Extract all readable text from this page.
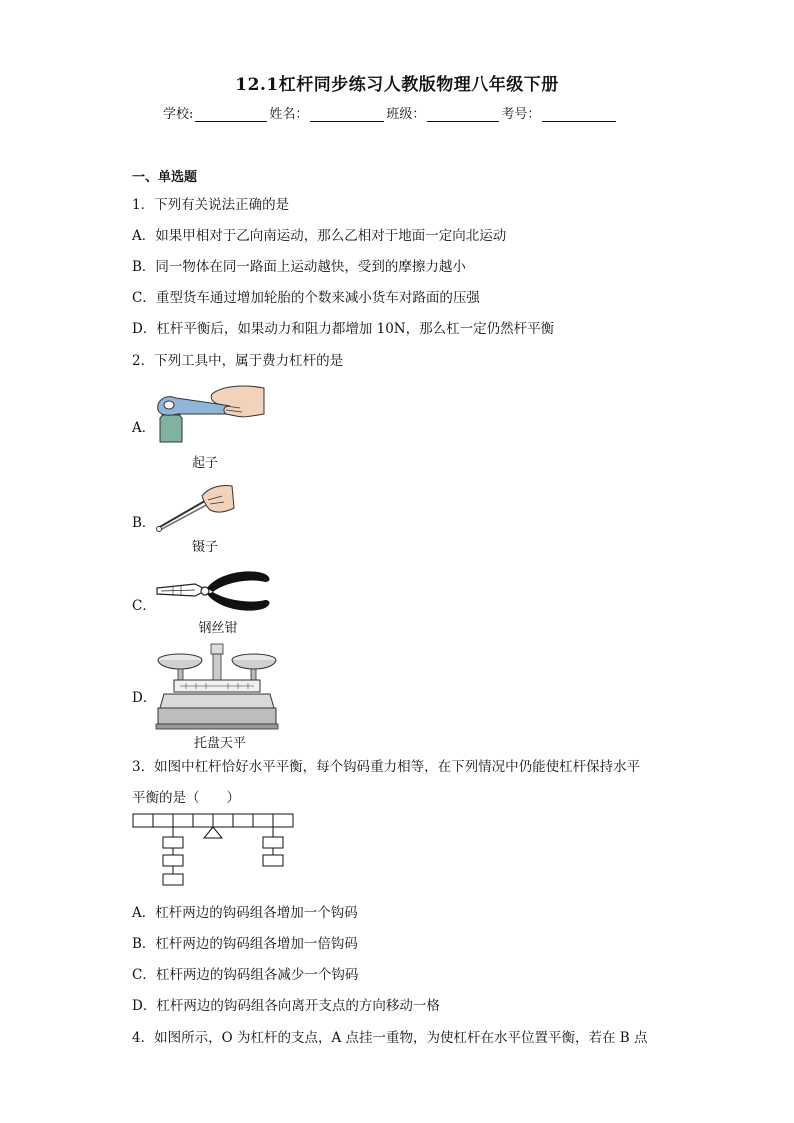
12.1杠杆同步练习人教版物理八年级下册
学校:	姓名：	班级：	考号：
一、单选题
1．下列有关说法正确的是
A．如果甲相对于乙向南运动，那么乙相对于地面一定向北运动
B．同一物体在同一路面上运动越快，受到的摩擦力越小
C．重型货车通过增加轮胎的个数来减小货车对路面的压强
D．杠杆平衡后，如果动力和阻力都增加 10N，那么杠一定仍然杆平衡
2．下列工具中，属于费力杠杆的是
A．
起子
B．
镊子
C．
钢丝钳
D．
托盘天平
3．如图中杠杆恰好水平平衡，每个钩码重力相等，在下列情况中仍能使杠杆保持水平
平衡的是（　　）
A．杠杆两边的钩码组各增加一个钩码
B．杠杆两边的钩码组各增加一倍钩码
C．杠杆两边的钩码组各减少一个钩码
D．杠杆两边的钩码组各向离开支点的方向移动一格
4．如图所示，O 为杠杆的支点，A 点挂一重物，为使杠杆在水平位置平衡，若在 B 点
